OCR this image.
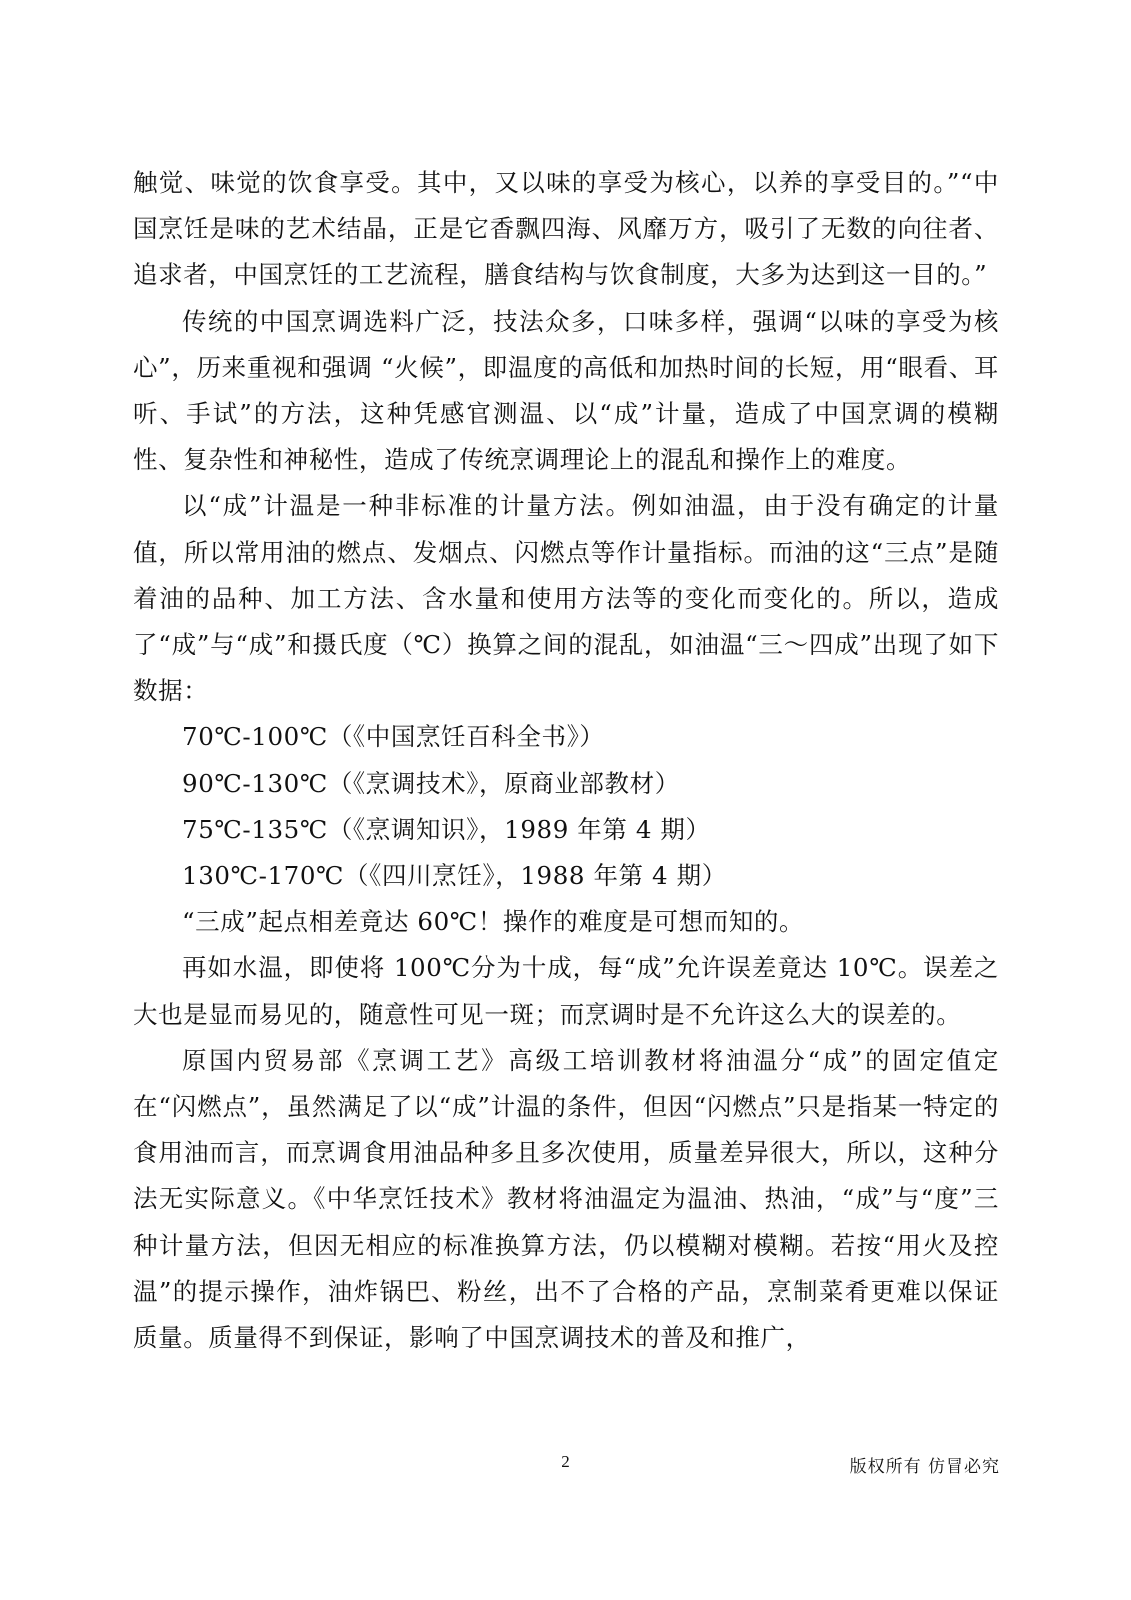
触觉、味觉的饮食享受。其中，又以味的享受为核心，以养的享受目的。”“中国烹饪是味的艺术结晶，正是它香飘四海、风靡万方，吸引了无数的向往者、追求者，中国烹饪的工艺流程，膳食结构与饮食制度，大多为达到这一目的。”

传统的中国烹调选料广泛，技法众多，口味多样，强调“以味的享受为核心”，历来重视和强调 “火候”，即温度的高低和加热时间的长短，用“眼看、耳听、手试”的方法，这种凭感官测温、以“成”计量，造成了中国烹调的模糊性、复杂性和神秘性，造成了传统烹调理论上的混乱和操作上的难度。

以“成”计温是一种非标准的计量方法。例如油温，由于没有确定的计量值，所以常用油的燃点、发烟点、闪燃点等作计量指标。而油的这“三点”是随着油的品种、加工方法、含水量和使用方法等的变化而变化的。所以，造成了“成”与“成”和摄氏度（℃）换算之间的混乱，如油温“三～四成”出现了如下数据：

70℃-100℃（《中国烹饪百科全书》）

90℃-130℃（《烹调技术》，原商业部教材）

75℃-135℃（《烹调知识》，1989 年第 4 期）

130℃-170℃（《四川烹饪》，1988 年第 4 期）

“三成”起点相差竟达 60℃！操作的难度是可想而知的。

再如水温，即使将 100℃分为十成，每“成”允许误差竟达 10℃。误差之大也是显而易见的，随意性可见一斑；而烹调时是不允许这么大的误差的。

原国内贸易部《烹调工艺》高级工培训教材将油温分“成”的固定值定在“闪燃点”，虽然满足了以“成”计温的条件，但因“闪燃点”只是指某一特定的食用油而言，而烹调食用油品种多且多次使用，质量差异很大，所以，这种分法无实际意义。《中华烹饪技术》教材将油温定为温油、热油，“成”与“度”三种计量方法，但因无相应的标准换算方法，仍以模糊对模糊。若按“用火及控温”的提示操作，油炸锅巴、粉丝，出不了合格的产品，烹制菜肴更难以保证质量。质量得不到保证，影响了中国烹调技术的普及和推广，

2	版权所有 仿冒必究
